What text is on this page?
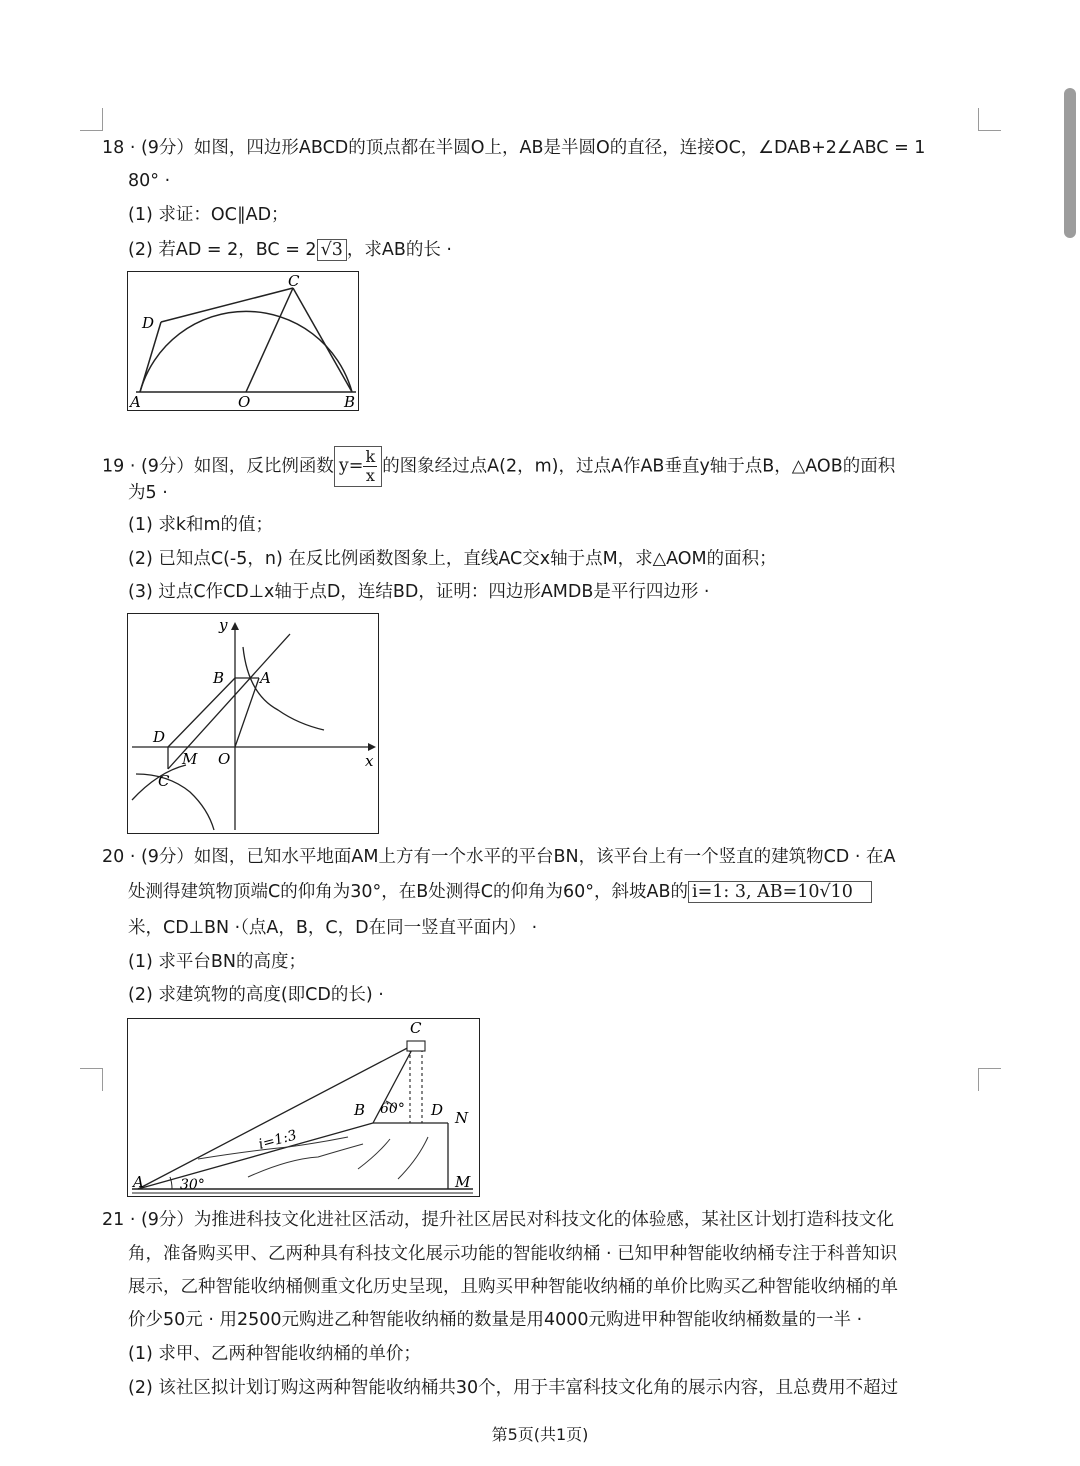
18 · (9分）如图，四边形ABCD的顶点都在半圆O上，AB是半圆O的直径，连接OC，∠DAB+2∠ABC = 1
80° ·
(1) 求证：OC∥AD；
(2) 若AD = 2，BC = 2 √3 ，求AB的长 ·
A	O	B
C
D
19 · (9分）如图，反比例函数 $y= \frac{k}{x}$ 的图象经过点A(2，m)，过点A作AB垂直y轴于点B，△AOB的面积
为5 ·
(1) 求k和m的值；
(2) 已知点C(-5，n) 在反比例函数图象上，直线AC交x轴于点M，求△AOM的面积；
(3) 过点C作CD⊥x轴于点D，连结BD，证明：四边形AMDB是平行四边形 ·
y
x
B A
D
M O
C
20 · (9分）如图，已知水平地面AM上方有一个水平的平台BN，该平台上有一个竖直的建筑物CD · 在A
处测得建筑物顶端C的仰角为30°，在B处测得C的仰角为60°，斜坡AB的 i=1: 3, AB=10√10
米，CD⊥BN ·（点A，B，C，D在同一竖直平面内） ·
(1) 求平台BN的高度；
(2) 求建筑物的高度(即CD的长) ·
A	30°
B 60°
C
D N
M
i=1:3
21 · (9分）为推进科技文化进社区活动，提升社区居民对科技文化的体验感，某社区计划打造科技文化
角，准备购买甲、乙两种具有科技文化展示功能的智能收纳桶 · 已知甲种智能收纳桶专注于科普知识
展示，乙种智能收纳桶侧重文化历史呈现，且购买甲种智能收纳桶的单价比购买乙种智能收纳桶的单
价少50元 · 用2500元购进乙种智能收纳桶的数量是用4000元购进甲种智能收纳桶数量的一半 ·
(1) 求甲、乙两种智能收纳桶的单价；
(2) 该社区拟计划订购这两种智能收纳桶共30个，用于丰富科技文化角的展示内容，且总费用不超过
第5页(共1页)
